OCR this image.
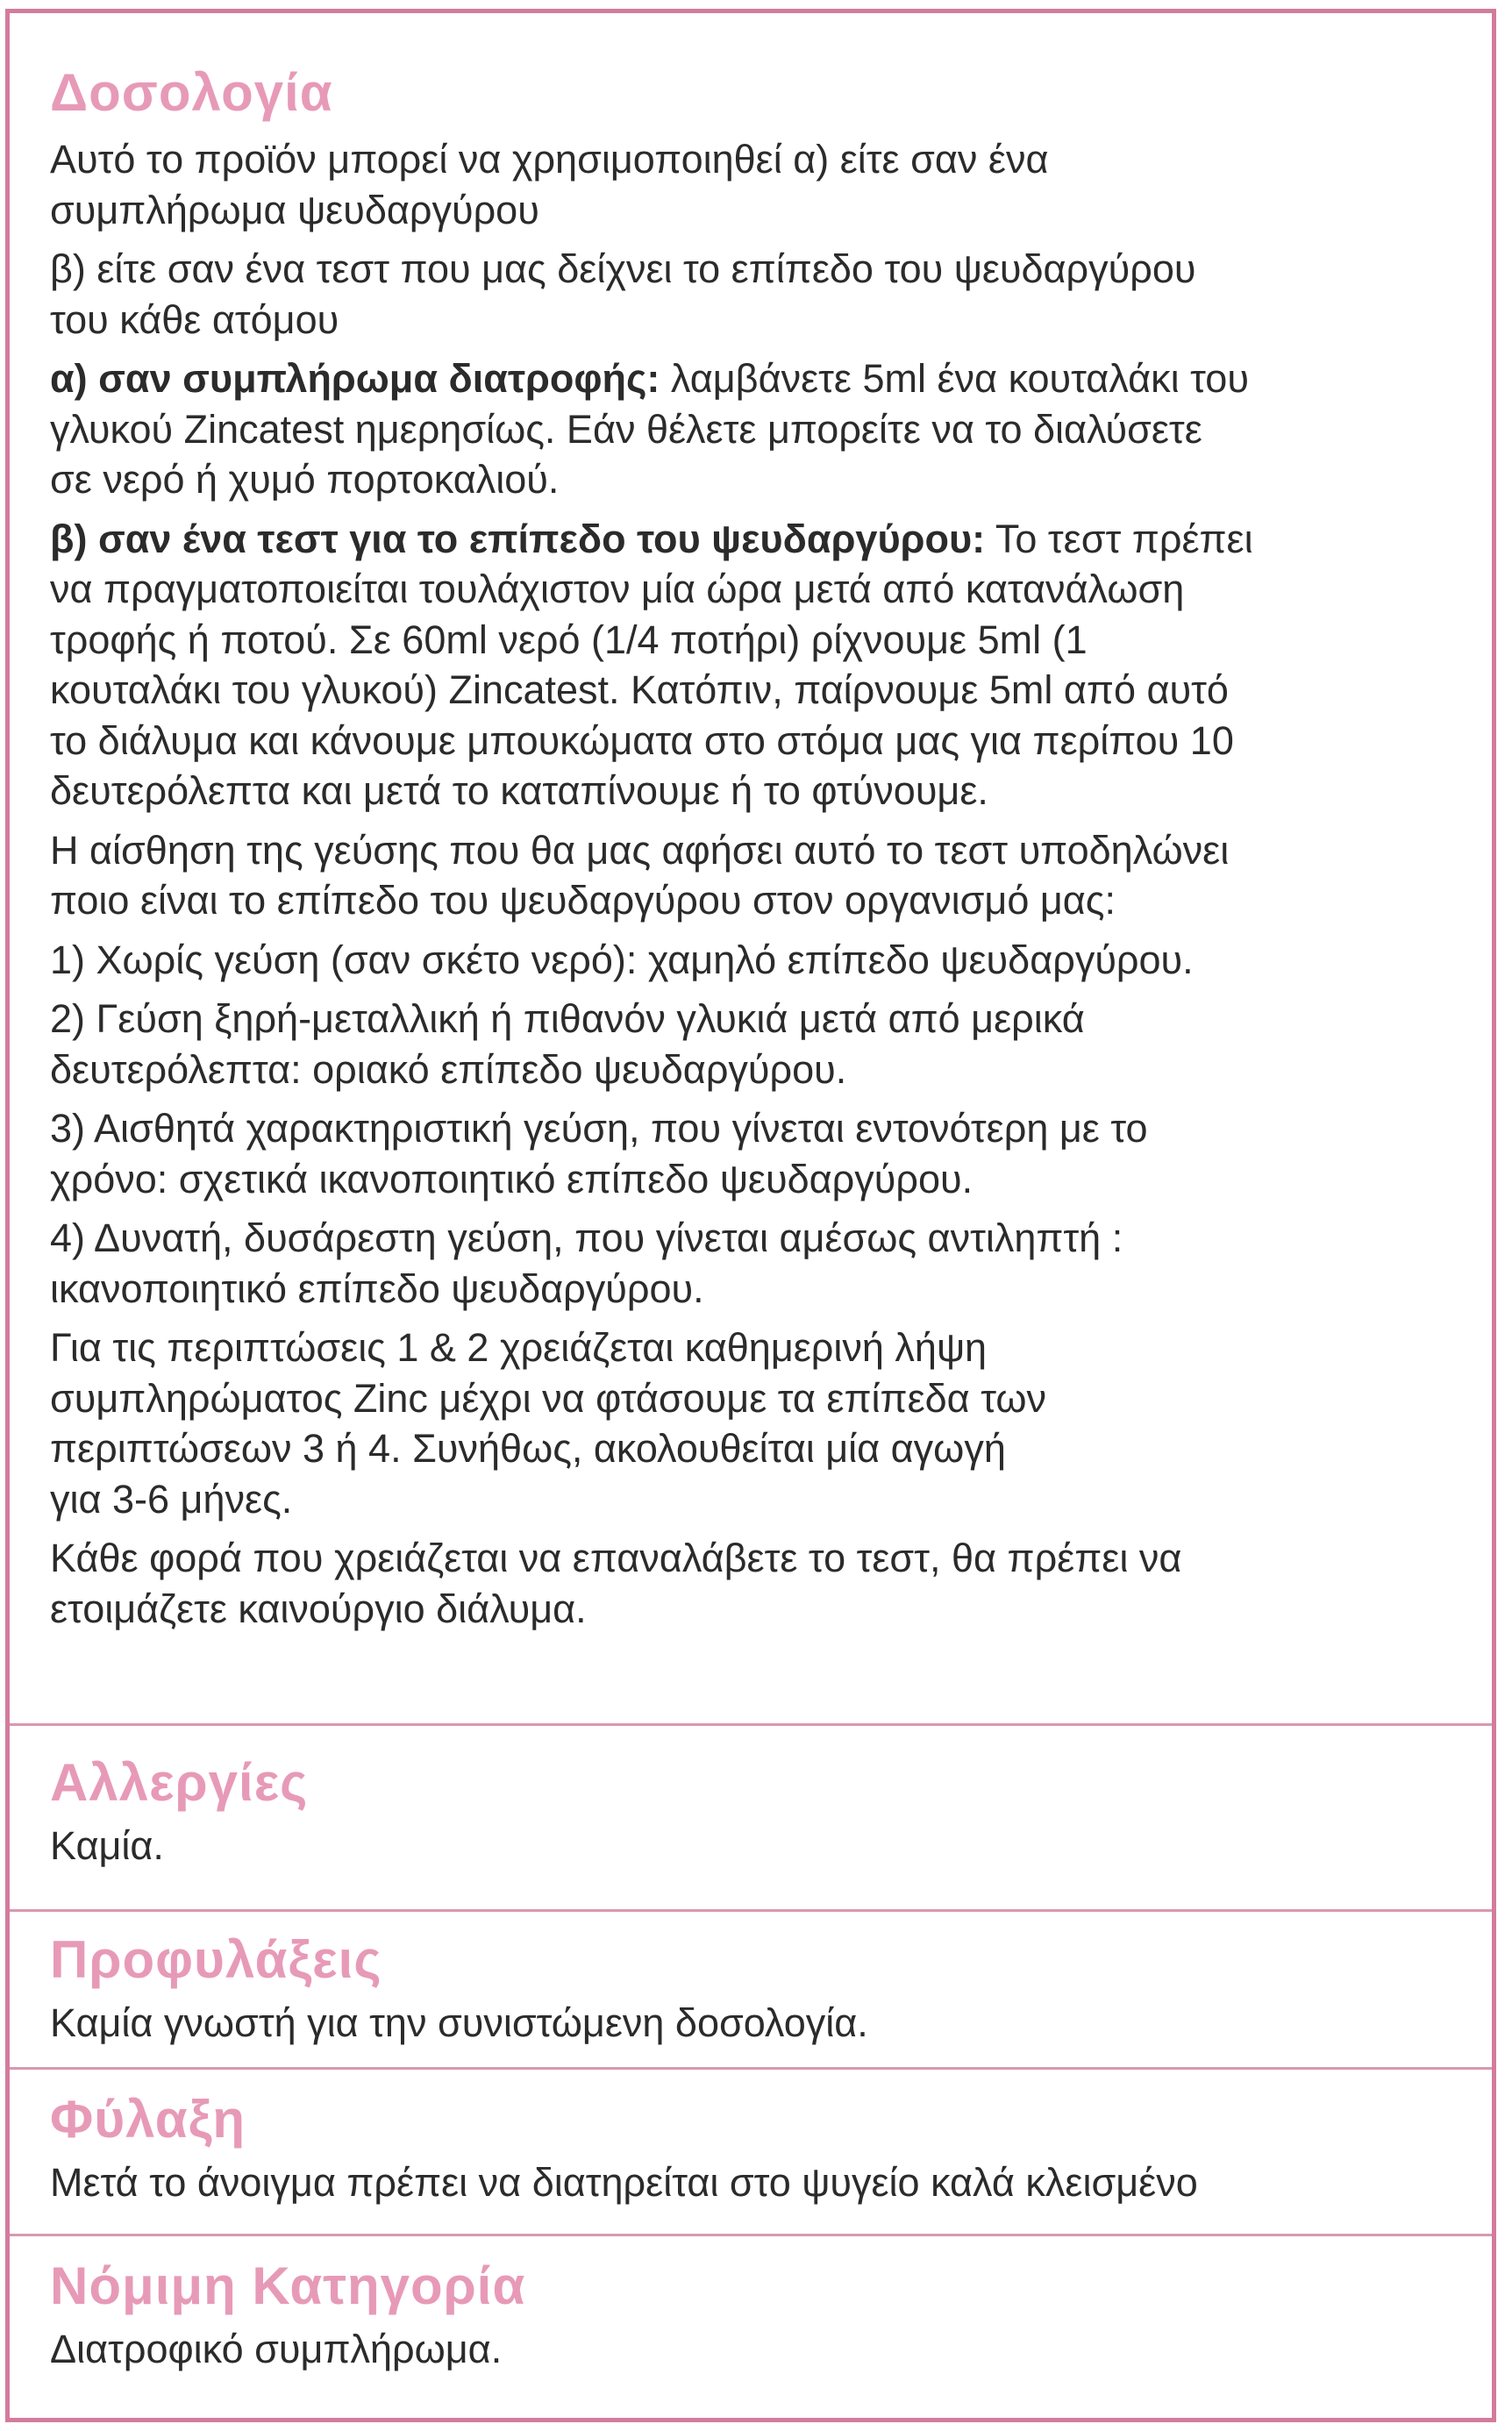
Δοσολογία

Αυτό το προϊόν μπορεί να χρησιμοποιηθεί α) είτε σαν ένα
συμπλήρωμα ψευδαργύρου

β) είτε σαν ένα τεστ που μας δείχνει το επίπεδο του ψευδαργύρου
του κάθε ατόμου

α) σαν συμπλήρωμα διατροφής: λαμβάνετε 5ml ένα κουταλάκι του
γλυκού Zincatest ημερησίως. Εάν θέλετε μπορείτε να το διαλύσετε
σε νερό ή χυμό πορτοκαλιού.

β) σαν ένα τεστ για το επίπεδο του ψευδαργύρου: Το τεστ πρέπει
να πραγματοποιείται τουλάχιστον μία ώρα μετά από κατανάλωση
τροφής ή ποτού. Σε 60ml νερό (1/4 ποτήρι) ρίχνουμε 5ml (1
κουταλάκι του γλυκού) Zincatest. Κατόπιν, παίρνουμε 5ml από αυτό
το διάλυμα και κάνουμε μπουκώματα στο στόμα μας για περίπου 10
δευτερόλεπτα και μετά το καταπίνουμε ή το φτύνουμε.

Η αίσθηση της γεύσης που θα μας αφήσει αυτό το τεστ υποδηλώνει
ποιο είναι το επίπεδο του ψευδαργύρου στον οργανισμό μας:

1) Χωρίς γεύση (σαν σκέτο νερό): χαμηλό επίπεδο ψευδαργύρου.

2) Γεύση ξηρή-μεταλλική ή πιθανόν γλυκιά μετά από μερικά
δευτερόλεπτα: οριακό επίπεδο ψευδαργύρου.

3) Αισθητά χαρακτηριστική γεύση, που γίνεται εντονότερη με το
χρόνο: σχετικά ικανοποιητικό επίπεδο ψευδαργύρου.

4) Δυνατή, δυσάρεστη γεύση, που γίνεται αμέσως αντιληπτή :
ικανοποιητικό επίπεδο ψευδαργύρου.

Για τις περιπτώσεις 1 & 2 χρειάζεται καθημερινή λήψη
συμπληρώματος Zinc μέχρι να φτάσουμε τα επίπεδα των
περιπτώσεων 3 ή 4. Συνήθως, ακολουθείται μία αγωγή
για 3-6 μήνες.

Κάθε φορά που χρειάζεται να επαναλάβετε το τεστ, θα πρέπει να
ετοιμάζετε καινούργιο διάλυμα.

Αλλεργίες

Καμία.

Προφυλάξεις

Καμία γνωστή για την συνιστώμενη δοσολογία.

Φύλαξη

Μετά το άνοιγμα πρέπει να διατηρείται στο ψυγείο καλά κλεισμένο

Νόμιμη Κατηγορία

Διατροφικό συμπλήρωμα.
